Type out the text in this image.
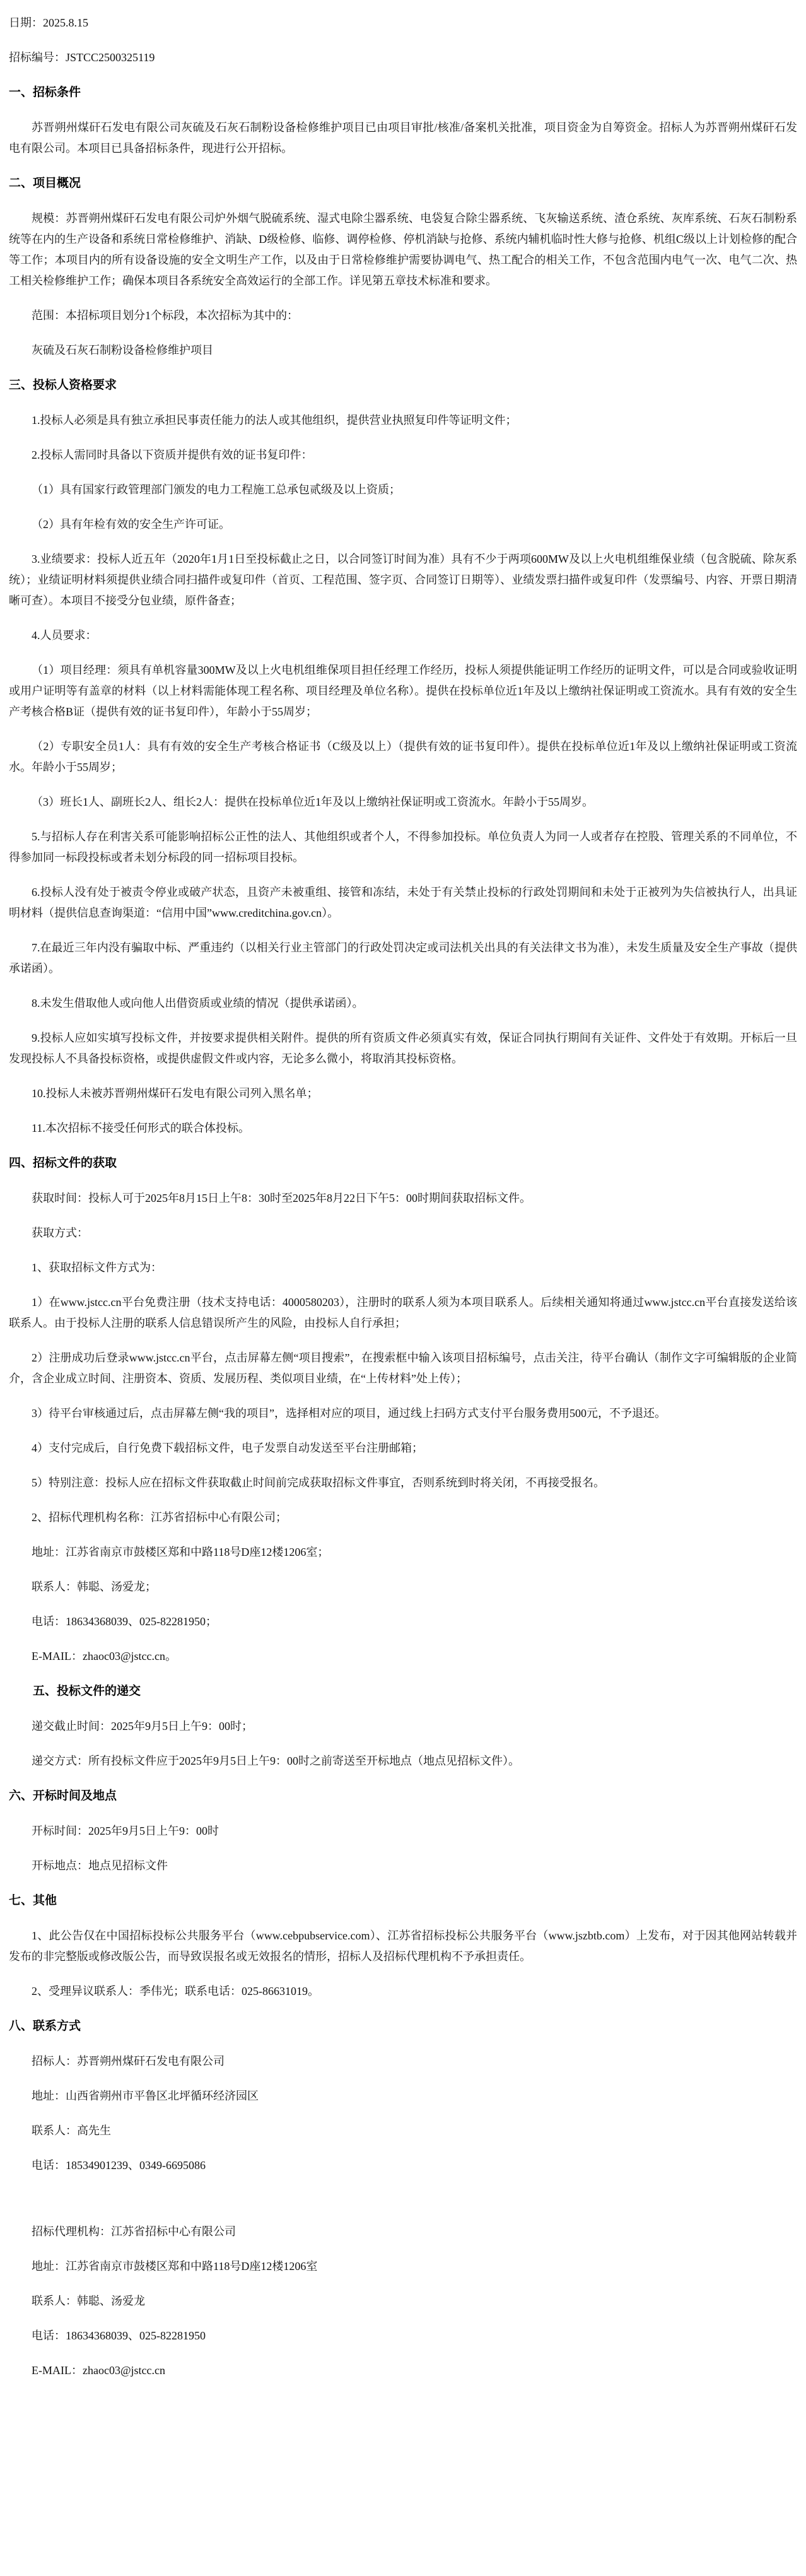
日期：2025.8.15

招标编号：JSTCC2500325119

一、招标条件

苏晋朔州煤矸石发电有限公司灰硫及石灰石制粉设备检修维护项目已由项目审批/核准/备案机关批准，项目资金为自筹资金。招标人为苏晋朔州煤矸石发电有限公司。本项目已具备招标条件，现进行公开招标。

二、项目概况

规模：苏晋朔州煤矸石发电有限公司炉外烟气脱硫系统、湿式电除尘器系统、电袋复合除尘器系统、飞灰输送系统、渣仓系统、灰库系统、石灰石制粉系统等在内的生产设备和系统日常检修维护、消缺、D级检修、临修、调停检修、停机消缺与抢修、系统内辅机临时性大修与抢修、机组C级以上计划检修的配合等工作；本项目内的所有设备设施的安全文明生产工作，以及由于日常检修维护需要协调电气、热工配合的相关工作，不包含范围内电气一次、电气二次、热工相关检修维护工作；确保本项目各系统安全高效运行的全部工作。详见第五章技术标准和要求。

范围：本招标项目划分1个标段，本次招标为其中的：

灰硫及石灰石制粉设备检修维护项目

三、投标人资格要求

1.投标人必须是具有独立承担民事责任能力的法人或其他组织，提供营业执照复印件等证明文件；

2.投标人需同时具备以下资质并提供有效的证书复印件：

（1）具有国家行政管理部门颁发的电力工程施工总承包贰级及以上资质；

（2）具有年检有效的安全生产许可证。

3.业绩要求：投标人近五年（2020年1月1日至投标截止之日，以合同签订时间为准）具有不少于两项600MW及以上火电机组维保业绩（包含脱硫、除灰系统）；业绩证明材料须提供业绩合同扫描件或复印件（首页、工程范围、签字页、合同签订日期等）、业绩发票扫描件或复印件（发票编号、内容、开票日期清晰可查）。本项目不接受分包业绩，原件备查；

4.人员要求：

（1）项目经理：须具有单机容量300MW及以上火电机组维保项目担任经理工作经历，投标人须提供能证明工作经历的证明文件，可以是合同或验收证明或用户证明等有盖章的材料（以上材料需能体现工程名称、项目经理及单位名称）。提供在投标单位近1年及以上缴纳社保证明或工资流水。具有有效的安全生产考核合格B证（提供有效的证书复印件），年龄小于55周岁；

（2）专职安全员1人：具有有效的安全生产考核合格证书（C级及以上）（提供有效的证书复印件）。提供在投标单位近1年及以上缴纳社保证明或工资流水。年龄小于55周岁；

（3）班长1人、副班长2人、组长2人：提供在投标单位近1年及以上缴纳社保证明或工资流水。年龄小于55周岁。

5.与招标人存在利害关系可能影响招标公正性的法人、其他组织或者个人，不得参加投标。单位负责人为同一人或者存在控股、管理关系的不同单位，不得参加同一标段投标或者未划分标段的同一招标项目投标。

6.投标人没有处于被责令停业或破产状态，且资产未被重组、接管和冻结，未处于有关禁止投标的行政处罚期间和未处于正被列为失信被执行人，出具证明材料（提供信息查询渠道：“信用中国”www.creditchina.gov.cn）。

7.在最近三年内没有骗取中标、严重违约（以相关行业主管部门的行政处罚决定或司法机关出具的有关法律文书为准），未发生质量及安全生产事故（提供承诺函）。

8.未发生借取他人或向他人出借资质或业绩的情况（提供承诺函）。

9.投标人应如实填写投标文件，并按要求提供相关附件。提供的所有资质文件必须真实有效，保证合同执行期间有关证件、文件处于有效期。开标后一旦发现投标人不具备投标资格，或提供虚假文件或内容，无论多么微小，将取消其投标资格。

10.投标人未被苏晋朔州煤矸石发电有限公司列入黑名单；

11.本次招标不接受任何形式的联合体投标。

四、招标文件的获取

获取时间：投标人可于2025年8月15日上午8：30时至2025年8月22日下午5：00时期间获取招标文件。

获取方式：

1、获取招标文件方式为：

1）在www.jstcc.cn平台免费注册（技术支持电话：4000580203），注册时的联系人须为本项目联系人。后续相关通知将通过www.jstcc.cn平台直接发送给该联系人。由于投标人注册的联系人信息错误所产生的风险，由投标人自行承担；

2）注册成功后登录www.jstcc.cn平台，点击屏幕左侧“项目搜索”，在搜索框中输入该项目招标编号，点击关注，待平台确认（制作文字可编辑版的企业简介，含企业成立时间、注册资本、资质、发展历程、类似项目业绩，在“上传材料”处上传）；

3）待平台审核通过后，点击屏幕左侧“我的项目”，选择相对应的项目，通过线上扫码方式支付平台服务费用500元，不予退还。

4）支付完成后，自行免费下载招标文件，电子发票自动发送至平台注册邮箱；

5）特别注意：投标人应在招标文件获取截止时间前完成获取招标文件事宜，否则系统到时将关闭，不再接受报名。

2、招标代理机构名称：江苏省招标中心有限公司；

地址：江苏省南京市鼓楼区郑和中路118号D座12楼1206室；

联系人：韩聪、汤爱龙；

电话：18634368039、025-82281950；

E-MAIL：zhaoc03@jstcc.cn。

五、投标文件的递交

递交截止时间：2025年9月5日上午9：00时；

递交方式：所有投标文件应于2025年9月5日上午9：00时之前寄送至开标地点（地点见招标文件）。

六、开标时间及地点

开标时间：2025年9月5日上午9：00时

开标地点：地点见招标文件

七、其他

1、此公告仅在中国招标投标公共服务平台（www.cebpubservice.com）、江苏省招标投标公共服务平台（www.jszbtb.com）上发布，对于因其他网站转载并发布的非完整版或修改版公告，而导致误报名或无效报名的情形，招标人及招标代理机构不予承担责任。

2、受理异议联系人：季伟光；联系电话：025-86631019。

八、联系方式

招标人：苏晋朔州煤矸石发电有限公司

地址：山西省朔州市平鲁区北坪循环经济园区

联系人：高先生

电话：18534901239、0349-6695086

招标代理机构：江苏省招标中心有限公司

地址：江苏省南京市鼓楼区郑和中路118号D座12楼1206室

联系人：韩聪、汤爱龙

电话：18634368039、025-82281950

E-MAIL：zhaoc03@jstcc.cn
